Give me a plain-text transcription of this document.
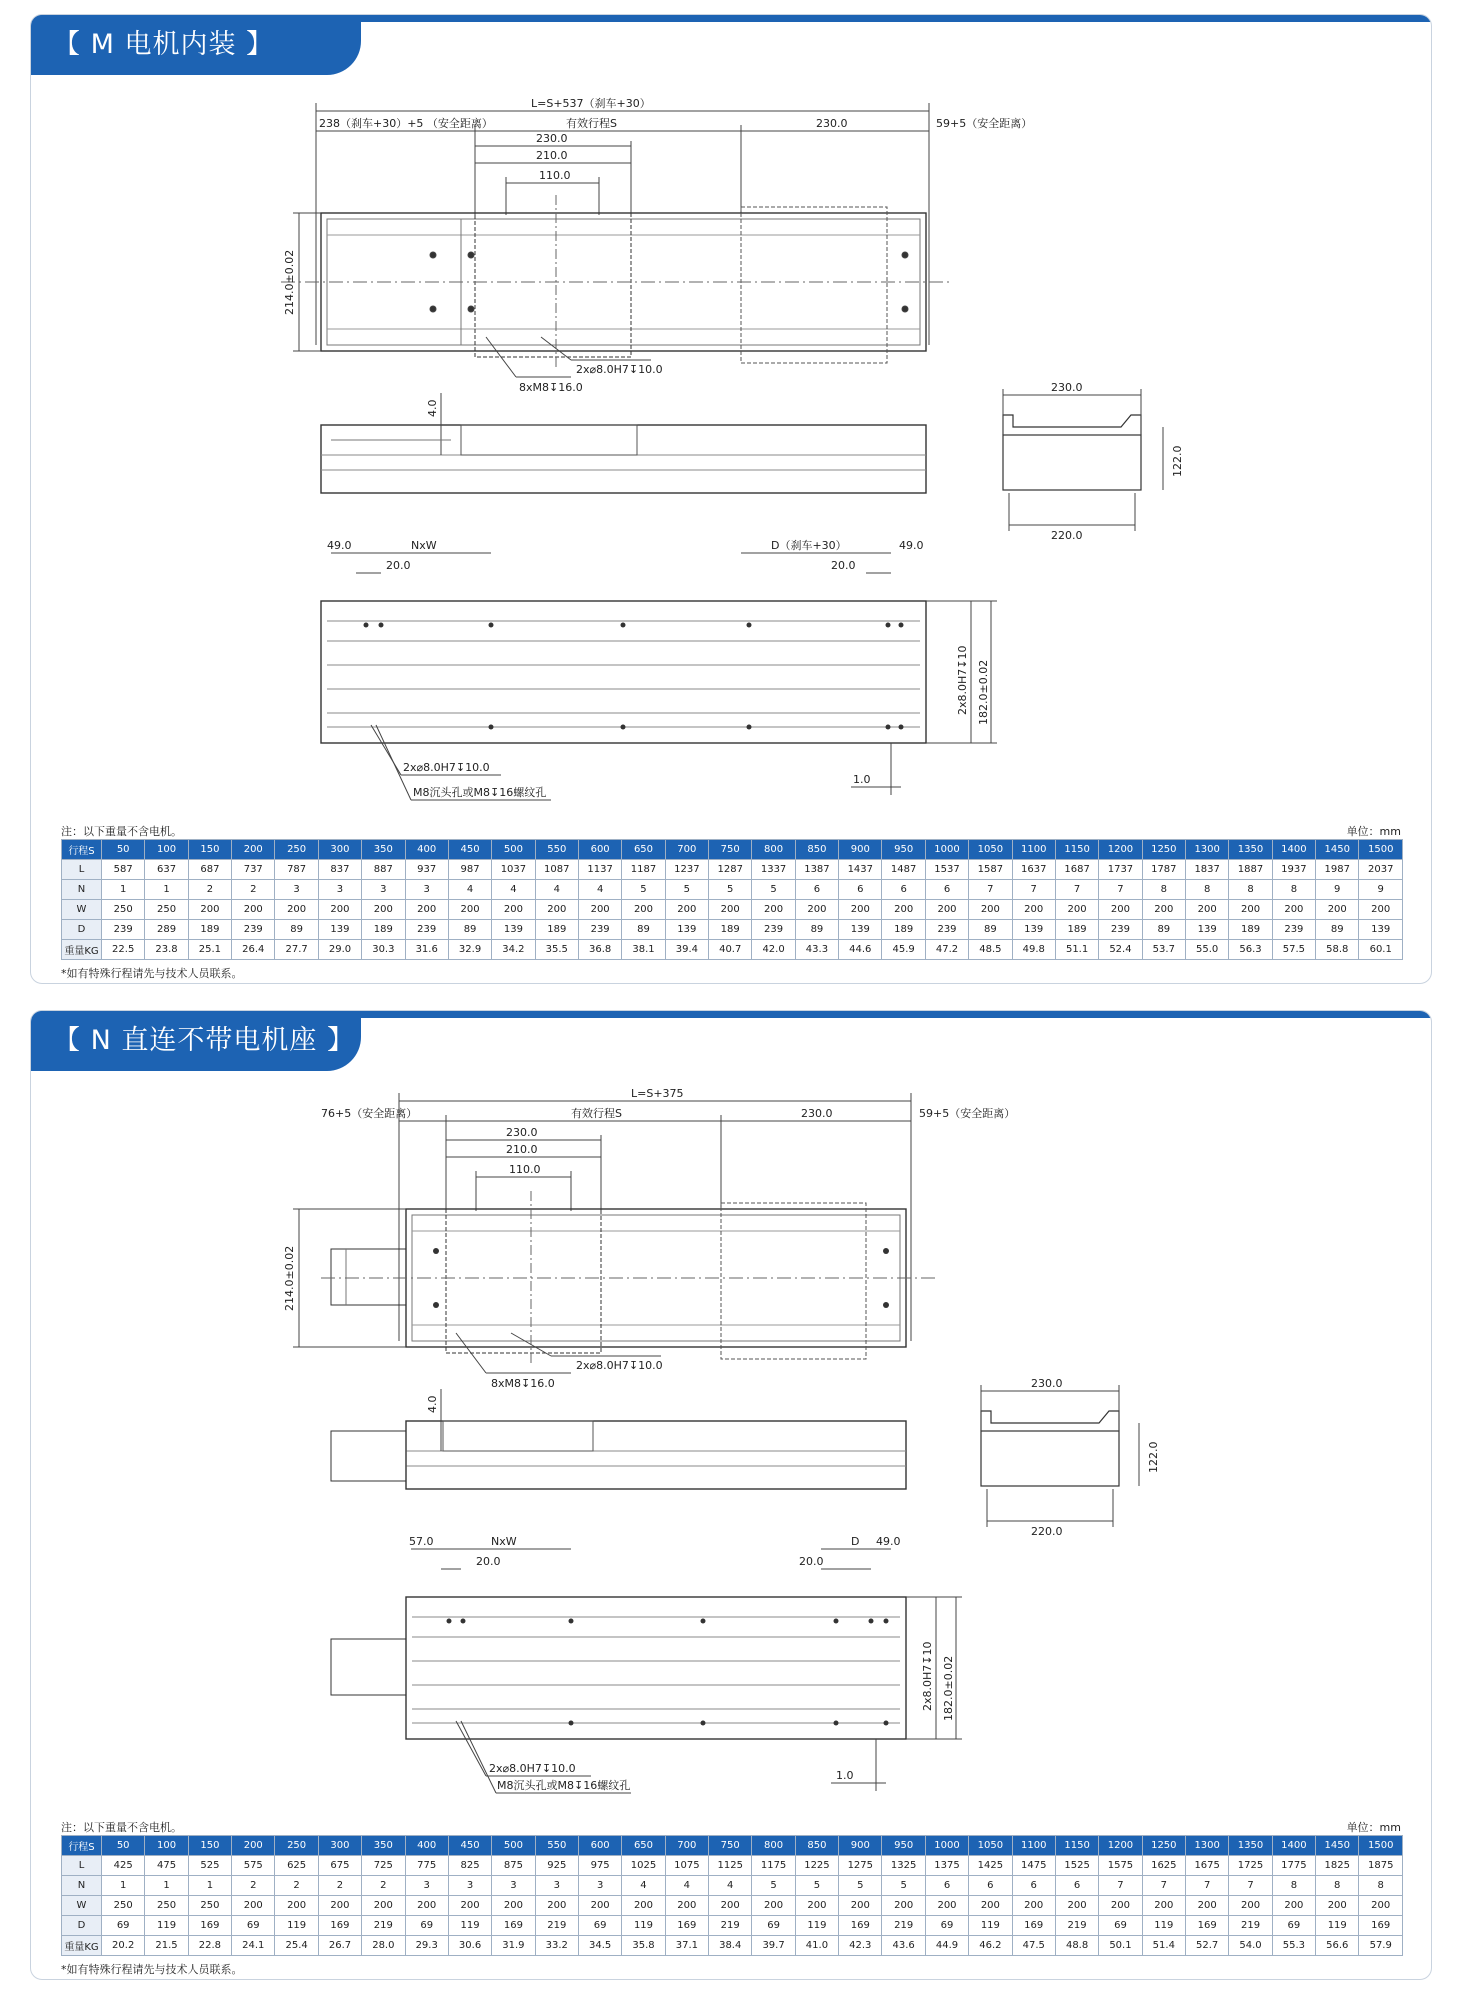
【 M 电机内装 】
L=S+537（刹车+30）
238（刹车+30）+5 （安全距离）	有效行程S	230.0	59+5（安全距离）
230.0
210.0
110.0
214.0±0.02
2x⌀8.0H7↧10.0
8xM8↧16.0
4.0
230.0
220.0
122.0
49.0	NxW
20.0
D（刹车+30）	49.0
20.0
2x8.0H7↧10 182.0±0.02
2x⌀8.0H7↧10.0
M8沉头孔或M8↧16螺纹孔
1.0
注：以下重量不含电机。	单位：mm
行程S	50	100	150	200	250	300	350	400	450	500	550	600	650	700	750	800	850	900	950	1000	1050	1100	1150	1200	1250	1300	1350	1400	1450	1500
L	587	637	687	737	787	837	887	937	987	1037	1087	1137	1187	1237	1287	1337	1387	1437	1487	1537	1587	1637	1687	1737	1787	1837	1887	1937	1987	2037
N	1	1	2	2	3	3	3	3	4	4	4	4	5	5	5	5	6	6	6	6	7	7	7	7	8	8	8	8	9	9
W	250	250	200	200	200	200	200	200	200	200	200	200	200	200	200	200	200	200	200	200	200	200	200	200	200	200	200	200	200	200
D	239	289	189	239	89	139	189	239	89	139	189	239	89	139	189	239	89	139	189	239	89	139	189	239	89	139	189	239	89	139
重量KG	22.5	23.8	25.1	26.4	27.7	29.0	30.3	31.6	32.9	34.2	35.5	36.8	38.1	39.4	40.7	42.0	43.3	44.6	45.9	47.2	48.5	49.8	51.1	52.4	53.7	55.0	56.3	57.5	58.8	60.1
*如有特殊行程请先与技术人员联系。
【 N 直连不带电机座 】
L=S+375
76+5（安全距离）	有效行程S	230.0	59+5（安全距离）
230.0
210.0
110.0
214.0±0.02
2x⌀8.0H7↧10.0
8xM8↧16.0
4.0
230.0
220.0
122.0
57.0	NxW
20.0
D 49.0
20.0
2x8.0H7↧10 182.0±0.02
2x⌀8.0H7↧10.0
M8沉头孔或M8↧16螺纹孔
1.0
注：以下重量不含电机。	单位：mm
行程S	50	100	150	200	250	300	350	400	450	500	550	600	650	700	750	800	850	900	950	1000	1050	1100	1150	1200	1250	1300	1350	1400	1450	1500
L	425	475	525	575	625	675	725	775	825	875	925	975	1025	1075	1125	1175	1225	1275	1325	1375	1425	1475	1525	1575	1625	1675	1725	1775	1825	1875
N	1	1	1	2	2	2	2	3	3	3	3	3	4	4	4	5	5	5	5	6	6	6	6	7	7	7	7	8	8	8
W	250	250	250	200	200	200	200	200	200	200	200	200	200	200	200	200	200	200	200	200	200	200	200	200	200	200	200	200	200	200
D	69	119	169	69	119	169	219	69	119	169	219	69	119	169	219	69	119	169	219	69	119	169	219	69	119	169	219	69	119	169
重量KG	20.2	21.5	22.8	24.1	25.4	26.7	28.0	29.3	30.6	31.9	33.2	34.5	35.8	37.1	38.4	39.7	41.0	42.3	43.6	44.9	46.2	47.5	48.8	50.1	51.4	52.7	54.0	55.3	56.6	57.9
*如有特殊行程请先与技术人员联系。
